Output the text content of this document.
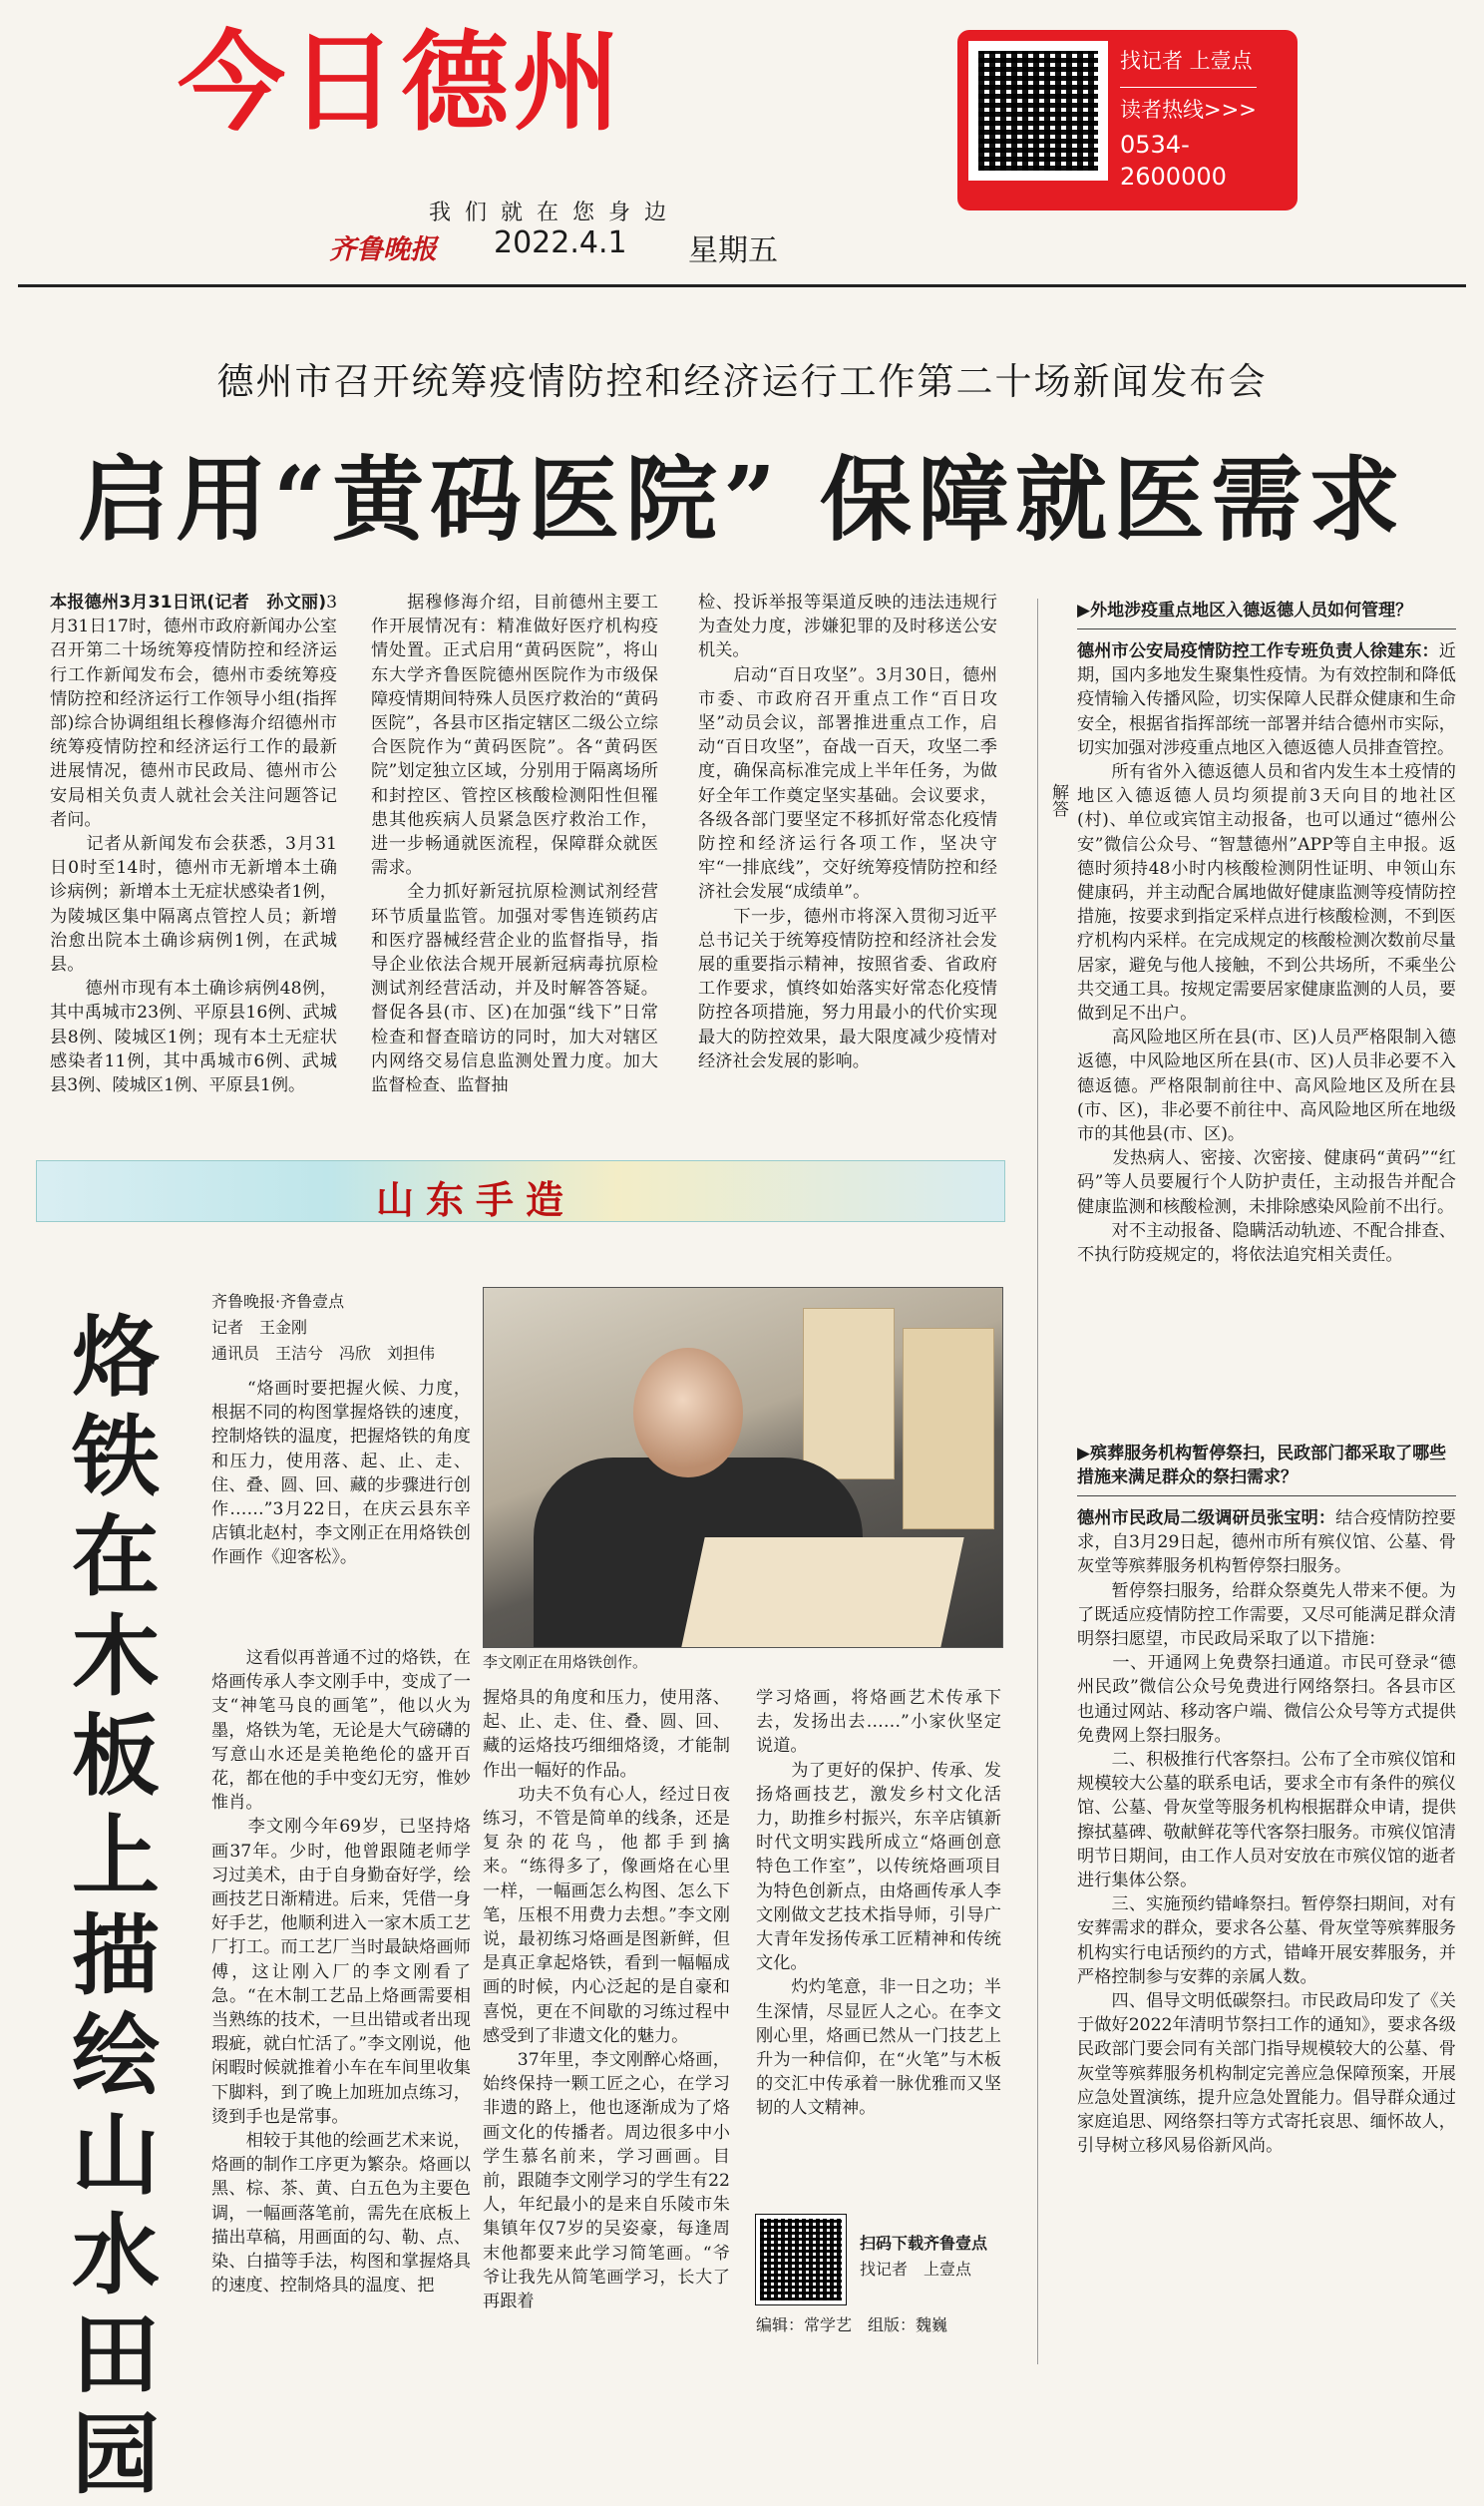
今日德州
我们就在您身边
齐鲁晚报 2022.4.1 星期五
找记者 上壹点
读者热线>>>
0534-
2600000
德州市召开统筹疫情防控和经济运行工作第二十场新闻发布会
启用“黄码医院” 保障就医需求
本报德州3月31日讯(记者　孙文丽)3月31日17时，德州市政府新闻办公室召开第二十场统筹疫情防控和经济运行工作新闻发布会，德州市委统筹疫情防控和经济运行工作领导小组(指挥部)综合协调组组长穆修海介绍德州市统筹疫情防控和经济运行工作的最新进展情况，德州市民政局、德州市公安局相关负责人就社会关注问题答记者问。
　　记者从新闻发布会获悉，3月31日0时至14时，德州市无新增本土确诊病例；新增本土无症状感染者1例，为陵城区集中隔离点管控人员；新增治愈出院本土确诊病例1例，在武城县。
　　德州市现有本土确诊病例48例，其中禹城市23例、平原县16例、武城县8例、陵城区1例；现有本土无症状感染者11例，其中禹城市6例、武城县3例、陵城区1例、平原县1例。
　　据穆修海介绍，目前德州主要工作开展情况有：精准做好医疗机构疫情处置。正式启用“黄码医院”，将山东大学齐鲁医院德州医院作为市级保障疫情期间特殊人员医疗救治的“黄码医院”，各县市区指定辖区二级公立综合医院作为“黄码医院”。各“黄码医院”划定独立区域，分别用于隔离场所和封控区、管控区核酸检测阳性但罹患其他疾病人员紧急医疗救治工作，进一步畅通就医流程，保障群众就医需求。
　　全力抓好新冠抗原检测试剂经营环节质量监管。加强对零售连锁药店和医疗器械经营企业的监督指导，指导企业依法合规开展新冠病毒抗原检测试剂经营活动，并及时解答答疑。督促各县(市、区)在加强“线下”日常检查和督查暗访的同时，加大对辖区内网络交易信息监测处置力度。加大监督检查、监督抽
检、投诉举报等渠道反映的违法违规行为查处力度，涉嫌犯罪的及时移送公安机关。
　　启动“百日攻坚”。3月30日，德州市委、市政府召开重点工作“百日攻坚”动员会议，部署推进重点工作，启动“百日攻坚”，奋战一百天，攻坚二季度，确保高标准完成上半年任务，为做好全年工作奠定坚实基础。会议要求，各级各部门要坚定不移抓好常态化疫情防控和经济运行各项工作，坚决守牢“一排底线”，交好统筹疫情防控和经济社会发展“成绩单”。
　　下一步，德州市将深入贯彻习近平总书记关于统筹疫情防控和经济社会发展的重要指示精神，按照省委、省政府工作要求，慎终如始落实好常态化疫情防控各项措施，努力用最小的代价实现最大的防控效果，最大限度减少疫情对经济社会发展的影响。
解答
▶外地涉疫重点地区入德返德人员如何管理？
德州市公安局疫情防控工作专班负责人徐建东：近期，国内多地发生聚集性疫情。为有效控制和降低疫情输入传播风险，切实保障人民群众健康和生命安全，根据省指挥部统一部署并结合德州市实际，切实加强对涉疫重点地区入德返德人员排查管控。
　　所有省外入德返德人员和省内发生本土疫情的地区入德返德人员均须提前3天向目的地社区(村)、单位或宾馆主动报备，也可以通过“德州公安”微信公众号、“智慧德州”APP等自主申报。返德时须持48小时内核酸检测阴性证明、申领山东健康码，并主动配合属地做好健康监测等疫情防控措施，按要求到指定采样点进行核酸检测，不到医疗机构内采样。在完成规定的核酸检测次数前尽量居家，避免与他人接触，不到公共场所，不乘坐公共交通工具。按规定需要居家健康监测的人员，要做到足不出户。
　　高风险地区所在县(市、区)人员严格限制入德返德，中风险地区所在县(市、区)人员非必要不入德返德。严格限制前往中、高风险地区及所在县(市、区)，非必要不前往中、高风险地区所在地级市的其他县(市、区)。
　　发热病人、密接、次密接、健康码“黄码”“红码”等人员要履行个人防护责任，主动报告并配合健康监测和核酸检测，未排除感染风险前不出行。
　　对不主动报备、隐瞒活动轨迹、不配合排查、不执行防疫规定的，将依法追究相关责任。
▶殡葬服务机构暂停祭扫，民政部门都采取了哪些措施来满足群众的祭扫需求？
德州市民政局二级调研员张宝明：结合疫情防控要求，自3月29日起，德州市所有殡仪馆、公墓、骨灰堂等殡葬服务机构暂停祭扫服务。
　　暂停祭扫服务，给群众祭奠先人带来不便。为了既适应疫情防控工作需要，又尽可能满足群众清明祭扫愿望，市民政局采取了以下措施：
　　一、开通网上免费祭扫通道。市民可登录“德州民政”微信公众号免费进行网络祭扫。各县市区也通过网站、移动客户端、微信公众号等方式提供免费网上祭扫服务。
　　二、积极推行代客祭扫。公布了全市殡仪馆和规模较大公墓的联系电话，要求全市有条件的殡仪馆、公墓、骨灰堂等服务机构根据群众申请，提供擦拭墓碑、敬献鲜花等代客祭扫服务。市殡仪馆清明节日期间，由工作人员对安放在市殡仪馆的逝者进行集体公祭。
　　三、实施预约错峰祭扫。暂停祭扫期间，对有安葬需求的群众，要求各公墓、骨灰堂等殡葬服务机构实行电话预约的方式，错峰开展安葬服务，并严格控制参与安葬的亲属人数。
　　四、倡导文明低碳祭扫。市民政局印发了《关于做好2022年清明节祭扫工作的通知》，要求各级民政部门要会同有关部门指导规模较大的公墓、骨灰堂等殡葬服务机构制定完善应急保障预案，开展应急处置演练，提升应急处置能力。倡导群众通过家庭追思、网络祭扫等方式寄托哀思、缅怀故人，引导树立移风易俗新风尚。
山东手造
烙铁在木板上描绘山水田园
齐鲁晚报·齐鲁壹点
记者　王金刚
通讯员　王洁兮　冯欣　刘担伟
　　“烙画时要把握火候、力度，根据不同的构图掌握烙铁的速度，控制烙铁的温度，把握烙铁的角度和压力，使用落、起、止、走、住、叠、圆、回、藏的步骤进行创作……”3月22日，在庆云县东辛店镇北赵村，李文刚正在用烙铁创作画作《迎客松》。
李文刚正在用烙铁创作。
　　这看似再普通不过的烙铁，在烙画传承人李文刚手中，变成了一支“神笔马良的画笔”，他以火为墨，烙铁为笔，无论是大气磅礴的写意山水还是美艳绝伦的盛开百花，都在他的手中变幻无穷，惟妙惟肖。
　　李文刚今年69岁，已坚持烙画37年。少时，他曾跟随老师学习过美术，由于自身勤奋好学，绘画技艺日渐精进。后来，凭借一身好手艺，他顺利进入一家木质工艺厂打工。而工艺厂当时最缺烙画师傅，这让刚入厂的李文刚看了急。“在木制工艺品上烙画需要相当熟练的技术，一旦出错或者出现瑕疵，就白忙活了。”李文刚说，他闲暇时候就推着小车在车间里收集下脚料，到了晚上加班加点练习，烫到手也是常事。
　　相较于其他的绘画艺术来说，烙画的制作工序更为繁杂。烙画以黑、棕、茶、黄、白五色为主要色调，一幅画落笔前，需先在底板上描出草稿，用画面的勾、勒、点、染、白描等手法，构图和掌握烙具的速度、控制烙具的温度、把
握烙具的角度和压力，使用落、起、止、走、住、叠、圆、回、藏的运烙技巧细细烙烫，才能制作出一幅好的作品。
　　功夫不负有心人，经过日夜练习，不管是简单的线条，还是复杂的花鸟，他都手到擒来。“练得多了，像画烙在心里一样，一幅画怎么构图、怎么下笔，压根不用费力去想。”李文刚说，最初练习烙画是图新鲜，但是真正拿起烙铁，看到一幅幅成画的时候，内心泛起的是自豪和喜悦，更在不间歇的习练过程中感受到了非遗文化的魅力。
　　37年里，李文刚醉心烙画，始终保持一颗工匠之心，在学习非遗的路上，他也逐渐成为了烙画文化的传播者。周边很多中小学生慕名前来，学习画画。目前，跟随李文刚学习的学生有22人，年纪最小的是来自乐陵市朱集镇年仅7岁的吴姿豪，每逢周末他都要来此学习简笔画。“爷爷让我先从简笔画学习，长大了再跟着
学习烙画，将烙画艺术传承下去，发扬出去……”小家伙坚定说道。
　　为了更好的保护、传承、发扬烙画技艺，激发乡村文化活力，助推乡村振兴，东辛店镇新时代文明实践所成立“烙画创意特色工作室”，以传统烙画项目为特色创新点，由烙画传承人李文刚做文艺技术指导师，引导广大青年发扬传承工匠精神和传统文化。
　　灼灼笔意，非一日之功；半生深情，尽显匠人之心。在李文刚心里，烙画已然从一门技艺上升为一种信仰，在“火笔”与木板的交汇中传承着一脉优雅而又坚韧的人文精神。
扫码下载齐鲁壹点
找记者　上壹点
编辑：常学艺　组版：魏巍
